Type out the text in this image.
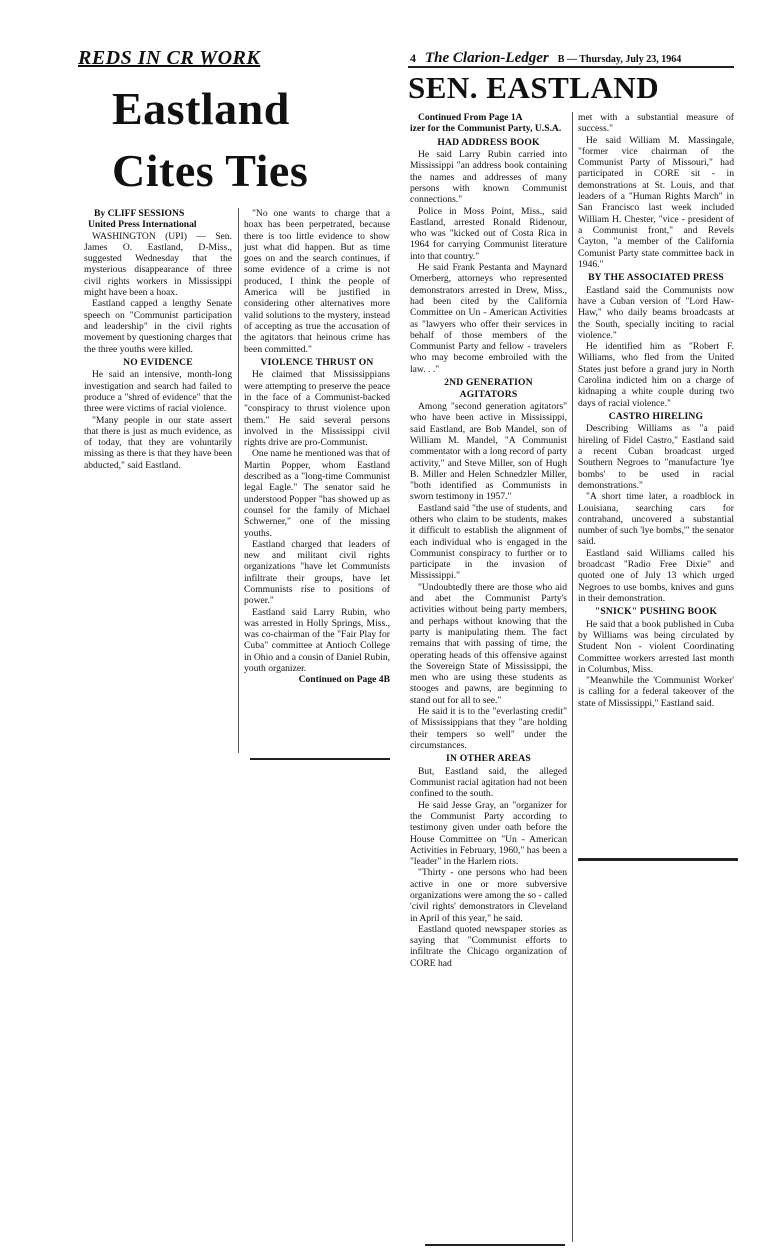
REDS IN CR WORK
Eastland
Cites Ties

By CLIFF SESSIONS

United Press International

WASHINGTON (UPI) — Sen. James O. Eastland, D-Miss., suggested Wednesday that the mysterious disappearance of three civil rights workers in Mississippi might have been a hoax.

Eastland capped a lengthy Senate speech on "Communist participation and leadership" in the civil rights movement by questioning charges that the three youths were killed.

NO EVIDENCE

He said an intensive, month-long investigation and search had failed to produce a "shred of evidence" that the three were victims of racial violence.

"Many people in our state assert that there is just as much evidence, as of today, that they are voluntarily missing as there is that they have been abducted," said Eastland.

"No one wants to charge that a hoax has been perpetrated, because there is too little evidence to show just what did happen. But as time goes on and the search continues, if some evidence of a crime is not produced, I think the people of America will be justified in considering other alternatives more valid solutions to the mystery, instead of accepting as true the accusation of the agitators that heinous crime has been committed."

VIOLENCE THRUST ON

He claimed that Mississippians were attempting to preserve the peace in the face of a Communist-backed "conspiracy to thrust violence upon them." He said several persons involved in the Mississippi civil rights drive are pro-Communist.

One name he mentioned was that of Martin Popper, whom Eastland described as a "long-time Communist legal Eagle." The senator said he understood Popper "has showed up as counsel for the family of Michael Schwerner," one of the missing youths.

Eastland charged that leaders of new and militant civil rights organizations "have let Communists infiltrate their groups, have let Communists rise to positions of power."

Eastland said Larry Rubin, who was arrested in Holly Springs, Miss., was co-chairman of the "Fair Play for Cuba" committee at Antioch College in Ohio and a cousin of Daniel Rubin, youth organizer.

Continued on Page 4B
4 The Clarion-Ledger B — Thursday, July 23, 1964
SEN. EASTLAND

Continued From Page 1A

izer for the Communist Party, U.S.A.

HAD ADDRESS BOOK

He said Larry Rubin carried into Mississippi "an address book containing the names and addresses of many persons with known Communist connections."

Police in Moss Point, Miss., said Eastland, arrested Ronald Ridenour, who was "kicked out of Costa Rica in 1964 for carrying Communist literature into that country."

He said Frank Pestanta and Maynard Omerberg, attorneys who represented demonstrators arrested in Drew, Miss., had been cited by the California Committee on Un - American Activities as "lawyers who offer their services in behalf of those members of the Communist Party and fellow - travelers who may become embroiled with the law. . ."

2ND GENERATION AGITATORS

Among "second generation agitators" who have been active in Mississippi, said Eastland, are Bob Mandel, son of William M. Mandel, "A Communist commentator with a long record of party activity," and Steve Miller, son of Hugh B. Miller and Helen Schnedzler Miller, "both identified as Communists in sworn testimony in 1957."

Eastland said "the use of students, and others who claim to be students, makes it difficult to establish the alignment of each individual who is engaged in the Communist conspiracy to further or to participate in the invasion of Mississippi."

"Undoubtedly there are those who aid and abet the Communist Party's activities without being party members, and perhaps without knowing that the party is manipulating them. The fact remains that with passing of time, the operating heads of this offensive against the Sovereign State of Mississippi, the men who are using these students as stooges and pawns, are beginning to stand out for all to see."

He said it is to the "everlasting credit" of Mississippians that they "are holding their tempers so well" under the circumstances.

IN OTHER AREAS

But, Eastland said, the alleged Communist racial agitation had not been confined to the south.

He said Jesse Gray, an "organizer for the Communist Party according to testimony given under oath before the House Committee on "Un - American Activities in February, 1960," has been a "leader" in the Harlem riots.

"Thirty - one persons who had been active in one or more subversive organizations were among the so - called 'civil rights' demonstrators in Cleveland in April of this year," he said.

Eastland quoted newspaper stories as saying that "Communist efforts to infiltrate the Chicago organization of CORE had

met with a substantial measure of success."

He said William M. Massingale, "former vice chairman of the Communist Party of Missouri," had participated in CORE sit - in demonstrations at St. Louis, and that leaders of a "Human Rights March" in San Francisco last week included William H. Chester, "vice - president of a Communist front," and Revels Cayton, "a member of the California Comunist Party state committee back in 1946."

BY THE ASSOCIATED PRESS

Eastland said the Communists now have a Cuban version of "Lord Haw-Haw," who daily beams broadcasts at the South, specially inciting to racial violence."

He identified him as "Robert F. Williams, who fled from the United States just before a grand jury in North Carolina indicted him on a charge of kidnaping a white couple during two days of racial violence."

CASTRO HIRELING

Describing Williams as "a paid hireling of Fidel Castro," Eastland said a recent Cuban broadcast urged Southern Negroes to "manufacture 'lye bombs' to be used in racial demonstrations."

"A short time later, a roadblock in Louisiana, searching cars for contraband, uncovered a substantial number of such 'lye bombs,'" the senator said.

Eastland said Williams called his broadcast "Radio Free Dixie" and quoted one of July 13 which urged Negroes to use bombs, knives and guns in their demonstration.

"SNICK" PUSHING BOOK

He said that a book published in Cuba by Williams was being circulated by Student Non - violent Coordinating Committee workers arrested last month in Columbus, Miss.

"Meanwhile the 'Communist Worker' is calling for a federal takeover of the state of Mississippi," Eastland said.
